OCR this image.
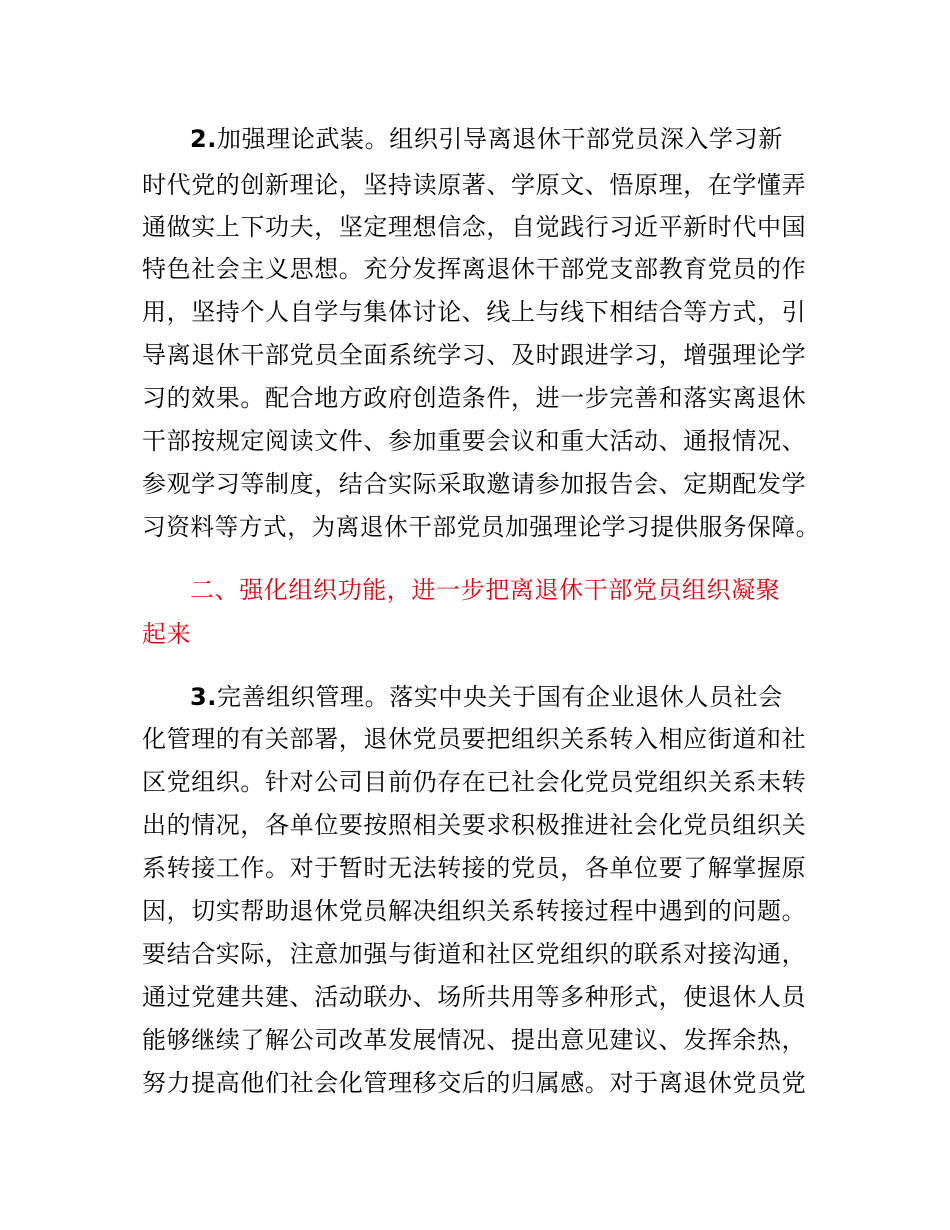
2.加强理论武装。组织引导离退休干部党员深入学习新
时代党的创新理论，坚持读原著、学原文、悟原理，在学懂弄
通做实上下功夫，坚定理想信念，自觉践行习近平新时代中国
特色社会主义思想。充分发挥离退休干部党支部教育党员的作
用，坚持个人自学与集体讨论、线上与线下相结合等方式，引
导离退休干部党员全面系统学习、及时跟进学习，增强理论学
习的效果。配合地方政府创造条件，进一步完善和落实离退休
干部按规定阅读文件、参加重要会议和重大活动、通报情况、
参观学习等制度，结合实际采取邀请参加报告会、定期配发学
习资料等方式，为离退休干部党员加强理论学习提供服务保障。
二、强化组织功能，进一步把离退休干部党员组织凝聚
起来
3.完善组织管理。落实中央关于国有企业退休人员社会
化管理的有关部署，退休党员要把组织关系转入相应街道和社
区党组织。针对公司目前仍存在已社会化党员党组织关系未转
出的情况，各单位要按照相关要求积极推进社会化党员组织关
系转接工作。对于暂时无法转接的党员，各单位要了解掌握原
因，切实帮助退休党员解决组织关系转接过程中遇到的问题。
要结合实际，注意加强与街道和社区党组织的联系对接沟通，
通过党建共建、活动联办、场所共用等多种形式，使退休人员
能够继续了解公司改革发展情况、提出意见建议、发挥余热，
努力提高他们社会化管理移交后的归属感。对于离退休党员党
